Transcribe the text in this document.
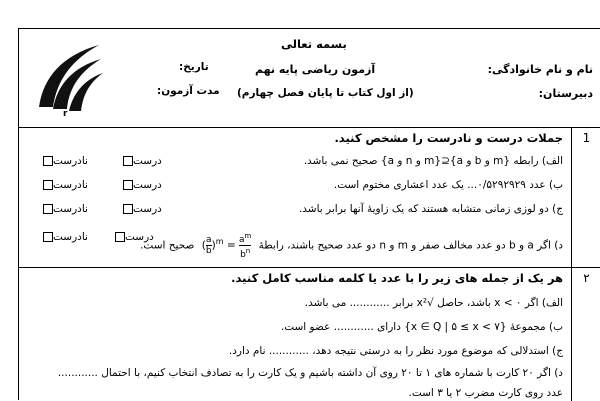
r
بسمه تعالی
آزمون ریاضی پایه نهم
(از اول کتاب تا پایان فصل چهارم)
نام و نام خانوادگی:
دبیرستان:
تاریخ:
مدت آزمون:
1
جملات درست و نادرست را مشخص کنید.
الف) رابطه {m و b و a}⊆{m و n و a} صحیح نمی باشد.
ب) عدد ۰/۵۲۹۲۹۲۹... یک عدد اعشاری مختوم است.
ج) دو لوزی زمانی متشابه هستند که یک زاویهٔ آنها برابر باشد.
د) اگر a و b دو عدد مخالف صفر و m و n دو عدد صحیح باشند، رابطهٔ ( $\frac{a}{b} )^m = \frac{a^m}{b^n}$
صحیح است.
درست
نادرست
درست
نادرست
درست
نادرست
درست
نادرست
۲
هر یک از جمله های زیر را با عدد یا کلمه مناسب کامل کنید.
الف) اگر x < ۰ باشد، حاصل √x² برابر ............ می باشد.
ب) مجموعهٔ {x ∈ Q | ۵ ≤ x < ۷} دارای ............ عضو است.
ج) استدلالی که موضوع مورد نظر را به درستی نتیجه دهد، ............ نام دارد.
د) اگر ۲۰ کارت با شماره های ۱ تا ۲۰ روی آن داشته باشیم و یک کارت را به تصادف انتخاب کنیم، با احتمال ............
عدد روی کارت مضرب ۲ یا ۳ است.
